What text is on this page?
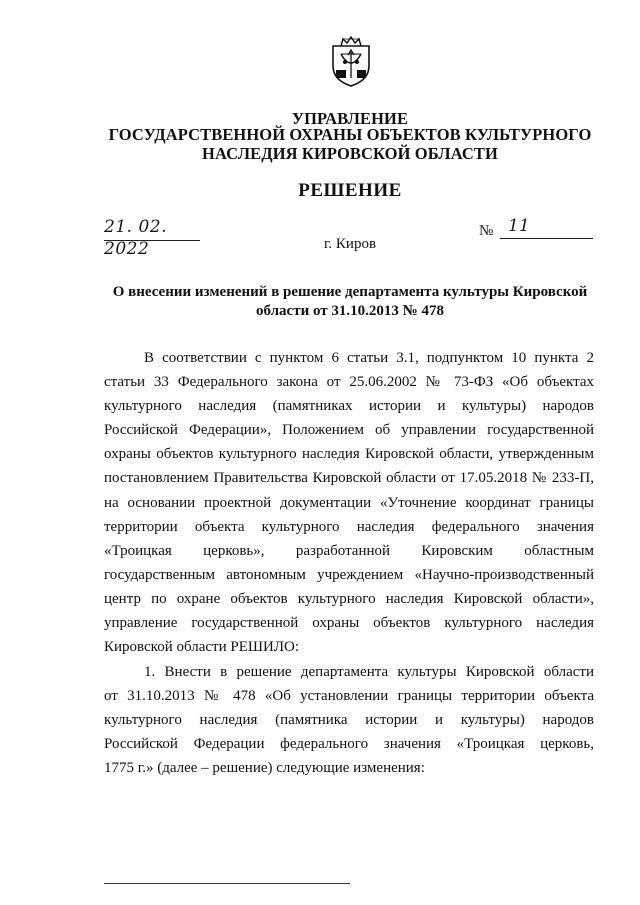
УПРАВЛЕНИЕ
ГОСУДАРСТВЕННОЙ ОХРАНЫ ОБЪЕКТОВ КУЛЬТУРНОГО
НАСЛЕДИЯ КИРОВСКОЙ ОБЛАСТИ
РЕШЕНИЕ
21. 02. 2022
№ 11
г. Киров
О внесении изменений в решение департамента культуры Кировской
области от 31.10.2013 № 478
В соответствии с пунктом 6 статьи 3.1, подпунктом 10 пункта 2
статьи 33 Федерального закона от 25.06.2002 № 73-ФЗ «Об объектах
культурного наследия (памятниках истории и культуры) народов
Российской Федерации», Положением об управлении государственной
охраны объектов культурного наследия Кировской области, утвержденным
постановлением Правительства Кировской области от 17.05.2018 № 233-П,
на основании проектной документации «Уточнение координат границы
территории объекта культурного наследия федерального значения
«Троицкая церковь», разработанной Кировским областным
государственным автономным учреждением «Научно-производственный
центр по охране объектов культурного наследия Кировской области»,
управление государственной охраны объектов культурного наследия
Кировской области РЕШИЛО:
1. Внести в решение департамента культуры Кировской области
от 31.10.2013 № 478 «Об установлении границы территории объекта
культурного наследия (памятника истории и культуры) народов
Российской Федерации федерального значения «Троицкая церковь,
1775 г.» (далее – решение) следующие изменения:
